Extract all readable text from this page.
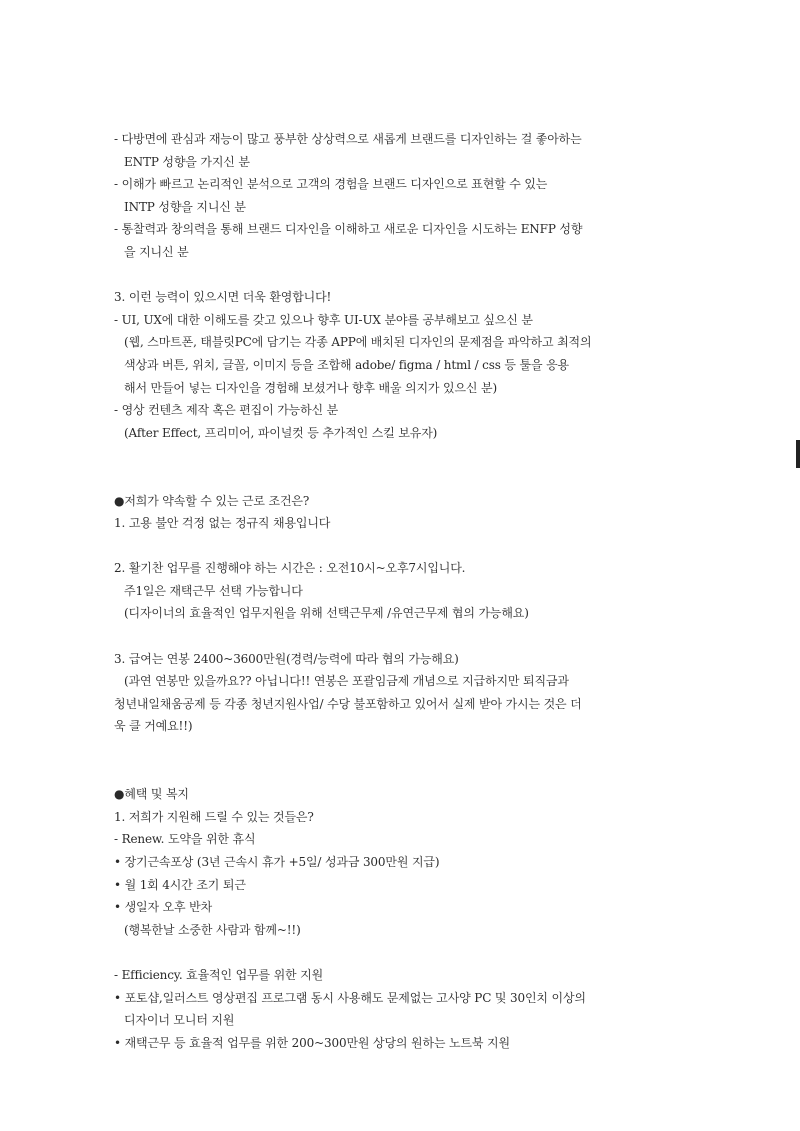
- 다방면에 관심과 재능이 많고 풍부한 상상력으로 새롭게 브랜드를 디자인하는 걸 좋아하는
ENTP 성향을 가지신 분
- 이해가 빠르고 논리적인 분석으로 고객의 경험을 브랜드 디자인으로 표현할 수 있는
INTP 성향을 지니신 분
- 통찰력과 창의력을 통해 브랜드 디자인을 이해하고 새로운 디자인을 시도하는 ENFP 성향
을 지니신 분
3. 이런 능력이 있으시면 더욱 환영합니다!
- UI, UX에 대한 이해도를 갖고 있으나 향후 UI-UX 분야를 공부해보고 싶으신 분
(웹, 스마트폰, 태블릿PC에 담기는 각종 APP에 배치된 디자인의 문제점을 파악하고 최적의
색상과 버튼, 위치, 글꼴, 이미지 등을 조합해 adobe/ figma / html / css 등 툴을 응용
해서 만들어 넣는 디자인을 경험해 보셨거나 향후 배울 의지가 있으신 분)
- 영상 컨텐츠 제작 혹은 편집이 가능하신 분
(After Effect, 프리미어, 파이널컷 등 추가적인 스킬 보유자)
●저희가 약속할 수 있는 근로 조건은?
1. 고용 불안 걱정 없는 정규직 채용입니다
2. 활기찬 업무를 진행해야 하는 시간은 : 오전10시~오후7시입니다.
주1일은 재택근무 선택 가능합니다
(디자이너의 효율적인 업무지원을 위해 선택근무제 /유연근무제 협의 가능해요)
3. 급여는 연봉 2400~3600만원(경력/능력에 따라 협의 가능해요)
(과연 연봉만 있을까요?? 아닙니다!! 연봉은 포괄임금제 개념으로 지급하지만 퇴직금과
청년내일채움공제 등 각종 청년지원사업/ 수당 불포함하고 있어서 실제 받아 가시는 것은 더
욱 클 거예요!!)
●혜택 및 복지
1. 저희가 지원해 드릴 수 있는 것들은?
- Renew. 도약을 위한 휴식
• 장기근속포상 (3년 근속시 휴가 +5일/ 성과금 300만원 지급)
• 월 1회 4시간 조기 퇴근
• 생일자 오후 반차
(행복한날 소중한 사람과 함께~!!)
- Efficiency. 효율적인 업무를 위한 지원
• 포토샵,일러스트 영상편집 프로그램 동시 사용해도 문제없는 고사양 PC 및 30인치 이상의
디자이너 모니터 지원
• 재택근무 등 효율적 업무를 위한 200~300만원 상당의 원하는 노트북 지원
